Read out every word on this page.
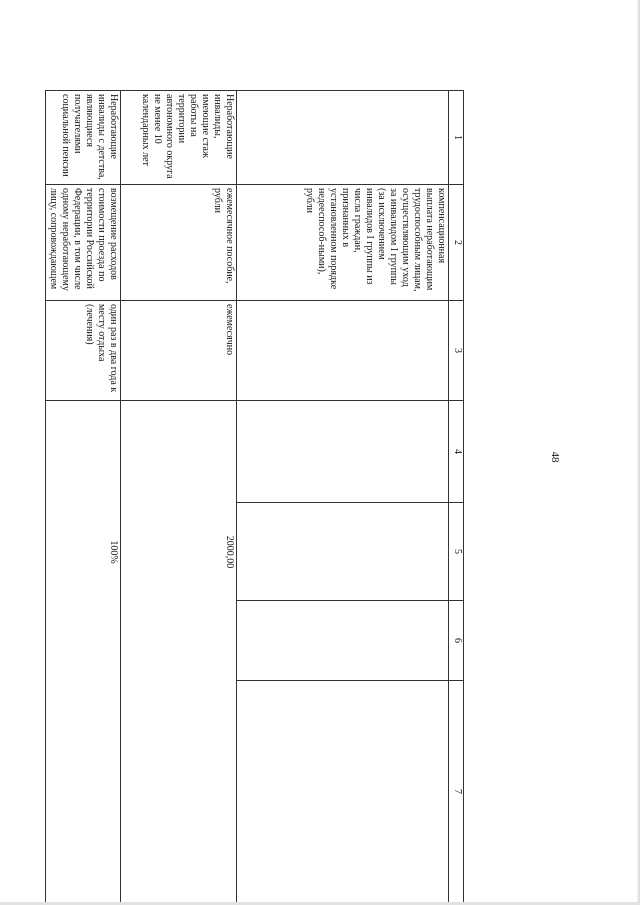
48
1	2	3	4	5	6	7
	компенсационная выплата неработающим трудоспособным лицам, осуществляющим уход за инвалидом I группы (за исключением инвалидов I группы из числа граждан, признанных в установленном порядке недееспособ-ными), рубли					
Неработающие инвалиды, имеющие стаж работы на территории автономного округа не менее 10 календарных лет	ежемесячное пособие, рубли	ежемесячно	2000,00			

Неработающие инвалиды с детства, являющиеся получателями социальной пенсии	возмещение расходов стоимости проезда по территории Российской Федерации, в том числе одному неработающему лицу, сопровождающем	один раз в два года к месту отдыха (лечения)	100%			
